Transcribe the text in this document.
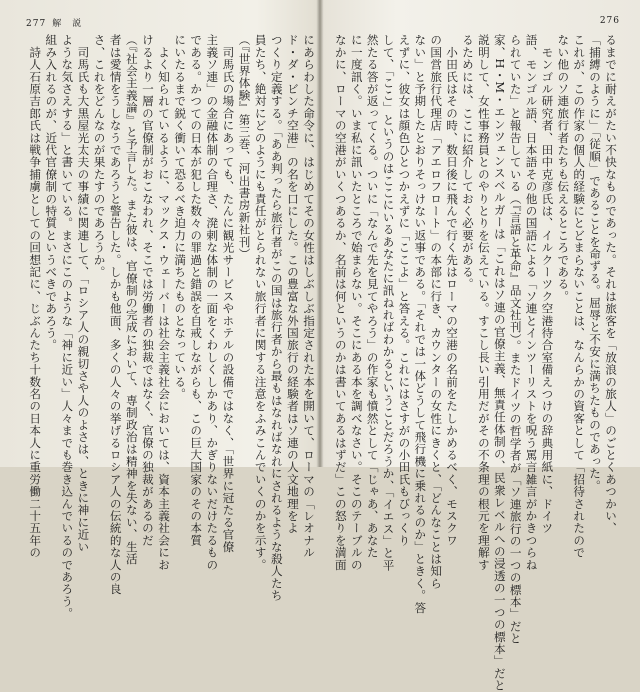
277 解　説
にあらわした命令に、はじめてその女性はしぶしぶ指定された本を開いて、ローマの「レオナル
ド・ダ・ビンチ空港」の名を口にした。この豊富な外国旅行の経験者はソ連の人文地理をよ
つくり定義する。「ああ判ったら旅行者がこの国は旅行者から最もはなればなれにされるような殺人たち
員たち、絶対にどのようにも責任がとられない旅行者に関する注意をふみこんでいくのかを示す。
（『世界体験』第三巻、河出書房新社刊）
　司馬氏の場合にあっても、たんに観光サービスやホテルの設備ではなく、「世界に冠たる官僚
主義ソ連」の金融体制の合理さ、溌剌な体制の一面をくわしくしかあり、かぎりないだけたるもの
である。かつての日本が犯した数々の罪過と錯誤を自戒しながらも、この巨大国家のその本質
にいたるまで鋭く衝いて恐るべき迫力に満ちたものとなっている。
　よく知られているように、マックス・ウェーバーは社会主義社会においては、資本主義社会にお
けるより一層の官僚制がおこなわれ、そこでは労働者の独裁ではなく、官僚の独裁があるのだ
（『社会主義論』と予言した。また彼は、官僚制の完成において、専制政治は精神を失ない、生活
者は愛情をうしなうであろうと警告した。しかも他面、多くの人々の挙げるロシア人の伝統的な人の良
さ、これをどんなのが果たすのであろうか。
　司馬氏も大黒屋光太夫の事績に関連して、「ロシア人の親切さや人のよさは、ときに神に近い
ような気さえする」と書いている。まさにこのような「神に近い」人々までも巻き込んでいるのであろう。
組み入れるのが、近代官僚制の特質というべきであろう。
　詩人石原吉郎氏は戦争捕虜としての回想記に、じぶんたち十数名の日本人に重労働二十五年の
276
るまでに耐えがたい不快なものであった。それは旅客を「放浪の旅人」のごとくあつかい、
「捕縛のように」「従順」であることを命ずる。屈辱と不安に満ちたものであった。
これが、この作家の個人的経験にとどまらないことは、なんらかの資客として「招待されたので
ない他のソ連旅行者たちも伝えるところである。
　モンゴル研究者、田中克彦氏は、イルクーツク空港待合室備えつけの辞典用紙に、ドイツ
語、モンゴル語、日本語その他の国語による「ソ連とインツーリストを呪う罵言雑言がかきつらね
られていた」と報告している（『言語と革命』品文社刊）。またドイツの哲学者が「ソ連旅行の一つの標本」だと
家、H・M・エンツェンスベルガーは「これはソ連の官僚主義、無責任体制の、民衆レベルへの浸透の一つの標本」だと
説明して、女性事務員とのやりとりを伝えている。すこし長い引用だがその不条理の根元を理解す
るためには、ここに紹介しておく必要がある。
　小田氏はその時、数日後に飛んで行く先はローマの空港の名前をたしかめるべく、モスクワ
の国営旅行代理店「アエロフロート」の本部に行き、カウンターの女性にきくと、「どんなことは知ら
ない」と予期したとおりそっけない返事である。「それでは一体どうして飛行機に乗れるのか」ときく。答
えずに、彼女は顔色ひとつかえずに「ここよ」と答える。これにはさすがの小田氏もびっくり
して、「ここ」というのはここにいるあなたに訊ねればわかるということだろうか、「イエス」と平
然たる答が返ってくる。ついに「なんで先を見てやろう」の作家も憤然として「じゃあ、あなた
に一度訊く。いま私に訊いたところで始まらない。そこにある本を調べなさい。そこのテーブルの
なかに、ローマの空港がいくつあるか、名前は何というのかは書いてあるはずだ」この怒りを満面
